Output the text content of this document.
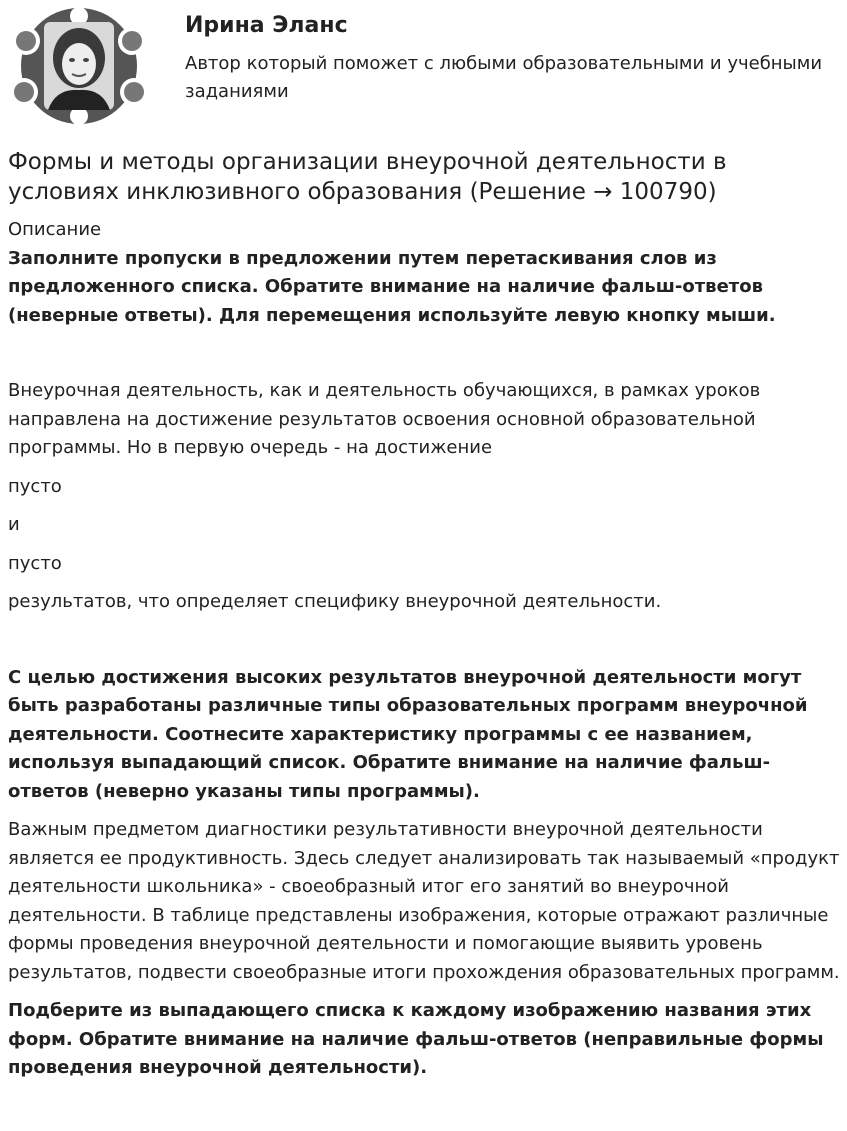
Ирина Эланс
Автор который поможет с любыми образовательными и учебными заданиями
Формы и методы организации внеурочной деятельности в условиях инклюзивного образования (Решение → 100790)

Описание

Заполните пропуски в предложении путем перетаскивания слов из предложенного списка. Обратите внимание на наличие фальш-ответов (неверные ответы). Для перемещения используйте левую кнопку мыши.

Внеурочная деятельность, как и деятельность обучающихся, в рамках уроков направлена на достижение результатов освоения основной образовательной программы. Но в первую очередь - на достижение

пусто

и

пусто

результатов, что определяет специфику внеурочной деятельности.

С целью достижения высоких результатов внеурочной деятельности могут быть разработаны различные типы образовательных программ внеурочной деятельности. Соотнесите характеристику программы с ее названием, используя выпадающий список. Обратите внимание на наличие фальш-ответов (неверно указаны типы программы).

Важным предметом диагностики результативности внеурочной деятельности является ее продуктивность. Здесь следует анализировать так называемый «продукт деятельности школьника» - своеобразный итог его занятий во внеурочной деятельности. В таблице представлены изображения, которые отражают различные формы проведения внеурочной деятельности и помогающие выявить уровень результатов, подвести своеобразные итоги прохождения образовательных программ.

Подберите из выпадающего списка к каждому изображению названия этих форм. Обратите внимание на наличие фальш-ответов (неправильные формы проведения внеурочной деятельности).
